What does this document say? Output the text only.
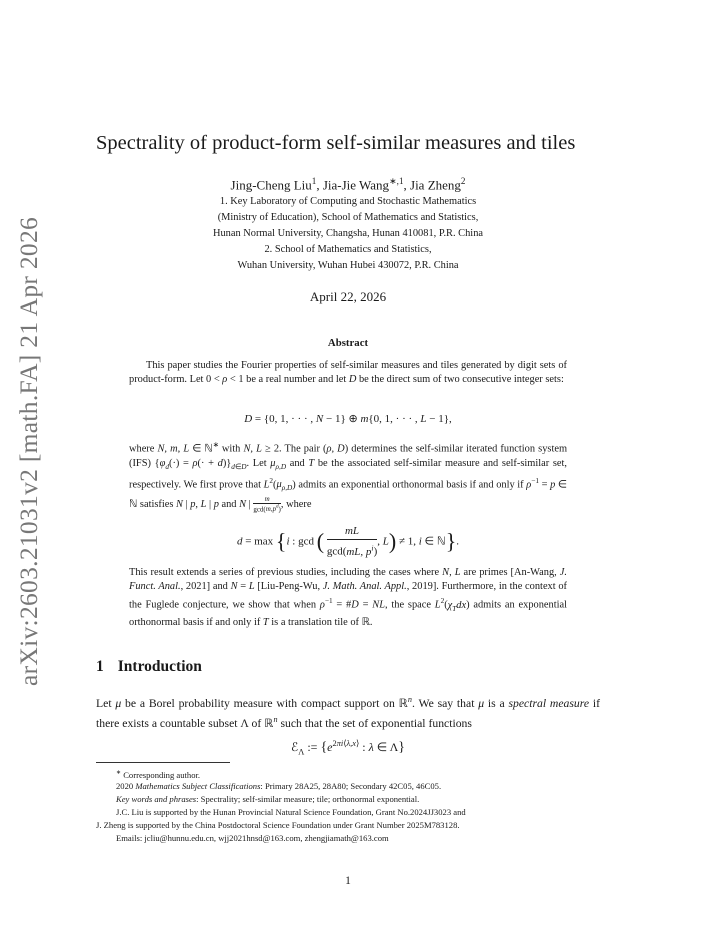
arXiv:2603.21031v2 [math.FA] 21 Apr 2026
Spectrality of product-form self-similar measures and tiles
Jing-Cheng Liu$^1$, Jia-Jie Wang$^{∗,1}$, Jia Zheng$^2$
1. Key Laboratory of Computing and Stochastic Mathematics
(Ministry of Education), School of Mathematics and Statistics,
Hunan Normal University, Changsha, Hunan 410081, P.R. China
2. School of Mathematics and Statistics,
Wuhan University, Wuhan Hubei 430072, P.R. China
April 22, 2026
Abstract

This paper studies the Fourier properties of self-similar measures and tiles generated by digit sets of product-form. Let 0 < ρ < 1 be a real number and let D be the direct sum of two consecutive integer sets:

D = {0, 1, · · · , N − 1} ⊕ m{0, 1, · · · , L − 1},

where N, m, L ∈ ℕ∗ with N, L ≥ 2. The pair (ρ, D) determines the self-similar iterated function system (IFS) $\{\varphi_d(\cdot) = \rho(\cdot + d)\}_{d\in D}$. Let $\mu_{\rho,D}$ and T be the associated self-similar measure and self-similar set, respectively. We first prove that $L^2(\mu_{\rho,D})$ admits an exponential orthonormal basis if and only if $\rho^{-1} = p$ ∈ ℕ satisfies N | p, L | p and N |
m
$\gcd(m,p^d)$ , where

d = max {i : gcd (	mL
gcd(mL, $p^i$)
, L) ≠ 1, i ∈ ℕ}.

This result extends a series of previous studies, including the cases where N, L are primes [An-Wang, J. Funct. Anal., 2021] and N = L [Liu-Peng-Wu, J. Math. Anal. Appl., 2019]. Furthermore, in the context of the Fuglede conjecture, we show that when $\rho^{-1}$ = #D = NL, the space $L^2(\chi_Tdx)$ admits an exponential orthonormal basis if and only if T is a translation tile of ℝ.

1 Introduction
Let μ be a Borel probability measure with compact support on ℝ$^n$. We say that μ is a spectral measure if there exists a countable subset Λ of ℝ$^n$ such that the set of exponential functions
ℰ$_\Lambda$ := {$e^{2\pi i⟨\lambda,x⟩}$ : λ ∈ Λ}
∗ Corresponding author.
2020 Mathematics Subject Classifications: Primary 28A25, 28A80; Secondary 42C05, 46C05.
Key words and phrases: Spectrality; self-similar measure; tile; orthonormal exponential.
J.C. Liu is supported by the Hunan Provincial Natural Science Foundation, Grant No.2024JJ3023 and
J. Zheng is supported by the China Postdoctoral Science Foundation under Grant Number 2025M783128.
Emails: jcliu@hunnu.edu.cn, wjj2021hnsd@163.com, zhengjiamath@163.com
1
